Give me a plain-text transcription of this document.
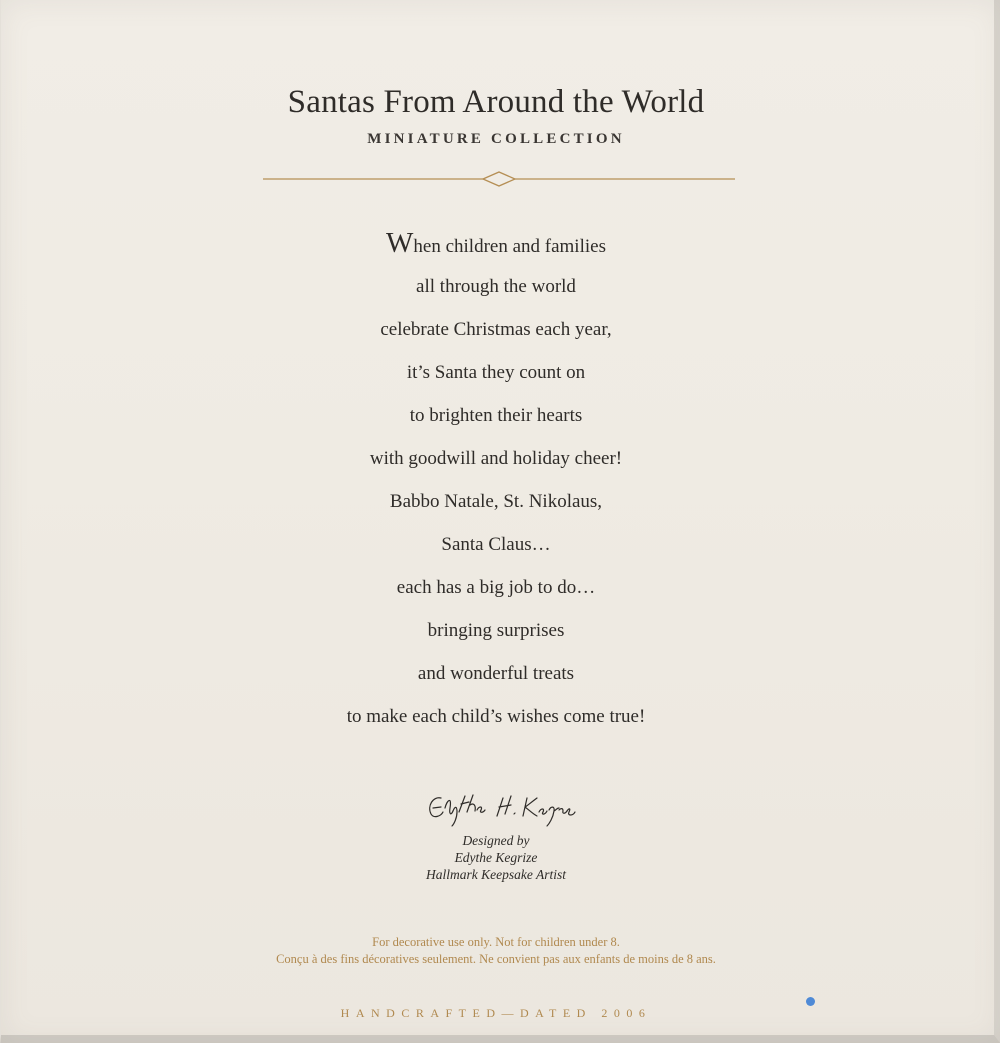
Santas From Around the World
MINIATURE COLLECTION
When children and families
all through the world
celebrate Christmas each year,
it’s Santa they count on
to brighten their hearts
with goodwill and holiday cheer!
Babbo Natale, St. Nikolaus,
Santa Claus…
each has a big job to do…
bringing surprises
and wonderful treats
to make each child’s wishes come true!
Designed by
Edythe Kegrize
Hallmark Keepsake Artist
For decorative use only. Not for children under 8.
Conçu à des fins décoratives seulement. Ne convient pas aux enfants de moins de 8 ans.
HANDCRAFTED—DATED 2006
